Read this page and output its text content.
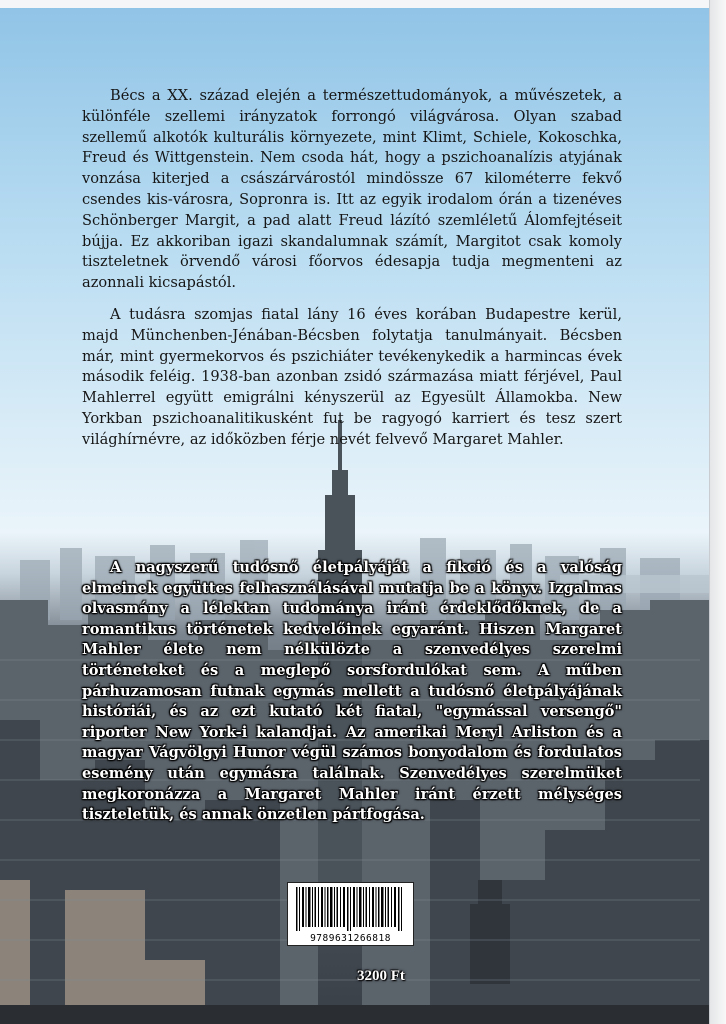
Bécs a XX. század elején a természettudományok, a művészetek, a különféle szellemi irányzatok forrongó világvárosa. Olyan szabad szellemű alkotók kulturális környezete, mint Klimt, Schiele, Kokoschka, Freud és Wittgenstein. Nem csoda hát, hogy a pszichoanalízis atyjának vonzása kiterjed a császárvárostól mindössze 67 kilométerre fekvő csendes kis-városra, Sopronra is. Itt az egyik irodalom órán a tizenéves Schönberger Margit, a pad alatt Freud lázító szemléletű Álomfejtéseit bújja. Ez akkoriban igazi skandalumnak számít, Margitot csak komoly tiszteletnek örvendő városi főorvos édesapja tudja megmenteni az azonnali kicsapástól.

A tudásra szomjas fiatal lány 16 éves korában Budapestre kerül, majd Münchenben-Jénában-Bécsben folytatja tanulmányait. Bécsben már, mint gyermekorvos és pszichiáter tevékenykedik a harmincas évek második feléig. 1938-ban azonban zsidó származása miatt férjével, Paul Mahlerrel együtt emigrálni kényszerül az Egyesült Államokba. New Yorkban pszichoanalitikusként fut be ragyogó karriert és tesz szert világhírnévre, az időközben férje nevét felvevő Margaret Mahler.

A nagyszerű tudósnő életpályáját a fikció és a valóság elmeinek együttes felhasználásával mutatja be a könyv. Izgalmas olvasmány a lélektan tudománya iránt érdeklődőknek, de a romantikus történetek kedvelőinek egyaránt. Hiszen Margaret Mahler élete nem nélkülözte a szenvedélyes szerelmi történeteket és a meglepő sorsfordulókat sem. A műben párhuzamosan futnak egymás mellett a tudósnő életpályájának históriái, és az ezt kutató két fiatal, "egymással versengő" riporter New York-i kalandjai. Az amerikai Meryl Arliston és a magyar Vágvölgyi Hunor végül számos bonyodalom és fordulatos esemény után egymásra találnak. Szenvedélyes szerelmüket megkoronázza a Margaret Mahler iránt érzett mélységes tiszteletük, és annak önzetlen pártfogása.
9789631266818
3200 Ft
